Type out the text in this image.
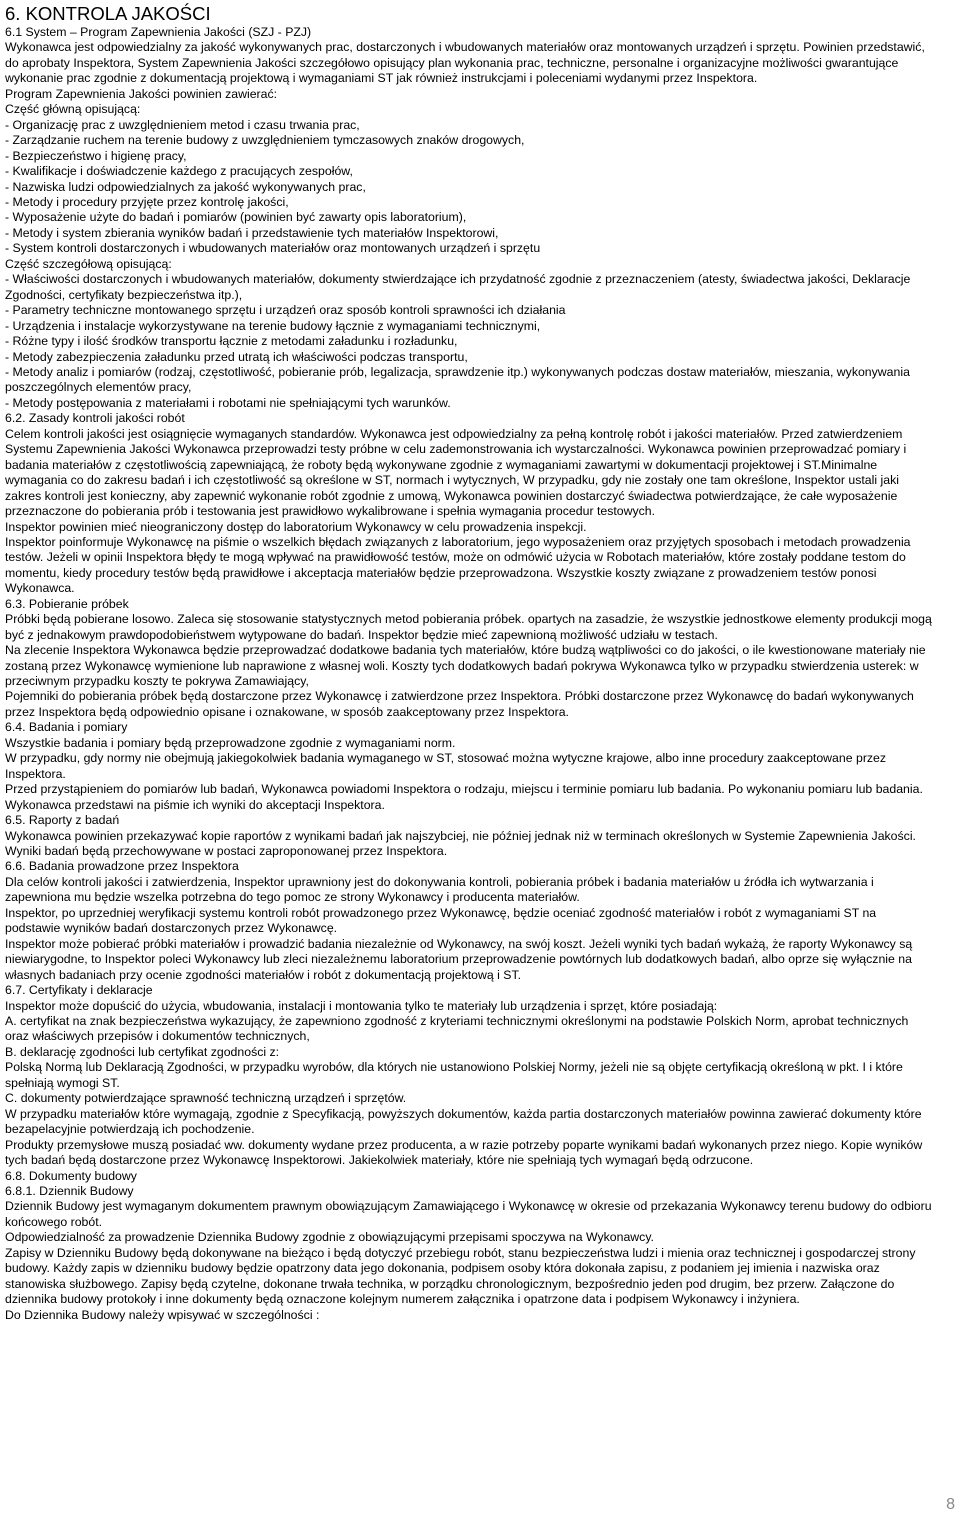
6. KONTROLA JAKOŚCI

6.1 System – Program Zapewnienia Jakości (SZJ - PZJ)

Wykonawca jest odpowiedzialny za jakość wykonywanych prac, dostarczonych i wbudowanych materiałów oraz montowanych urządzeń i sprzętu. Powinien przedstawić, do aprobaty Inspektora, System Zapewnienia Jakości szczegółowo opisujący plan wykonania prac, techniczne, personalne i organizacyjne możliwości gwarantujące wykonanie prac zgodnie z dokumentacją projektową i wymaganiami ST jak również instrukcjami i poleceniami wydanymi przez Inspektora.

Program Zapewnienia Jakości powinien zawierać:

Część główną opisującą:

- Organizację prac z uwzględnieniem metod i czasu trwania prac,

- Zarządzanie ruchem na terenie budowy z uwzględnieniem tymczasowych znaków drogowych,

- Bezpieczeństwo i higienę pracy,

- Kwalifikacje i doświadczenie każdego z pracujących zespołów,

- Nazwiska ludzi odpowiedzialnych za jakość wykonywanych prac,

- Metody i procedury przyjęte przez kontrolę jakości,

- Wyposażenie użyte do badań i pomiarów (powinien być zawarty opis laboratorium),

- Metody i system zbierania wyników badań i przedstawienie tych materiałów Inspektorowi,

- System kontroli dostarczonych i wbudowanych materiałów oraz montowanych urządzeń i sprzętu

Część szczegółową opisującą:

- Właściwości dostarczonych i wbudowanych materiałów, dokumenty stwierdzające ich przydatność zgodnie z przeznaczeniem (atesty, świadectwa jakości, Deklaracje Zgodności, certyfikaty bezpieczeństwa itp.),

- Parametry techniczne montowanego sprzętu i urządzeń oraz sposób kontroli sprawności ich działania

- Urządzenia i instalacje wykorzystywane na terenie budowy łącznie z wymaganiami technicznymi,

- Różne typy i ilość środków transportu łącznie z metodami załadunku i rozładunku,

- Metody zabezpieczenia załadunku przed utratą ich właściwości podczas transportu,

- Metody analiz i pomiarów (rodzaj, częstotliwość, pobieranie prób, legalizacja, sprawdzenie itp.) wykonywanych podczas dostaw materiałów, mieszania, wykonywania poszczególnych elementów pracy,

- Metody postępowania z materiałami i robotami nie spełniającymi tych warunków.

6.2. Zasady kontroli jakości robót

Celem kontroli jakości jest osiągnięcie wymaganych standardów. Wykonawca jest odpowiedzialny za pełną kontrolę robót i jakości materiałów. Przed zatwierdzeniem Systemu Zapewnienia Jakości Wykonawca przeprowadzi testy próbne w celu zademonstrowania ich wystarczalności. Wykonawca powinien przeprowadzać pomiary i badania materiałów z częstotliwością zapewniającą, że roboty będą wykonywane zgodnie z wymaganiami zawartymi w dokumentacji projektowej i ST.Minimalne wymagania co do zakresu badań i ich częstotliwość są określone w ST, normach i wytycznych, W przypadku, gdy nie zostały one tam określone, Inspektor ustali jaki zakres kontroli jest konieczny, aby zapewnić wykonanie robót zgodnie z umową, Wykonawca powinien dostarczyć świadectwa potwierdzające, że całe wyposażenie przeznaczone do pobierania prób i testowania jest prawidłowo wykalibrowane i spełnia wymagania procedur testowych.

Inspektor powinien mieć nieograniczony dostęp do laboratorium Wykonawcy w celu prowadzenia inspekcji.

Inspektor poinformuje Wykonawcę na piśmie o wszelkich błędach związanych z laboratorium, jego wyposażeniem oraz przyjętych sposobach i metodach prowadzenia testów. Jeżeli w opinii Inspektora błędy te mogą wpływać na prawidłowość testów, może on odmówić użycia w Robotach materiałów, które zostały poddane testom do momentu, kiedy procedury testów będą prawidłowe i akceptacja materiałów będzie przeprowadzona. Wszystkie koszty związane z prowadzeniem testów ponosi Wykonawca.

6.3. Pobieranie próbek

Próbki będą pobierane losowo. Zaleca się stosowanie statystycznych metod pobierania próbek. opartych na zasadzie, że wszystkie jednostkowe elementy produkcji mogą być z jednakowym prawdopodobieństwem wytypowane do badań. Inspektor będzie mieć zapewnioną możliwość udziału w testach.

Na zlecenie Inspektora Wykonawca będzie przeprowadzać dodatkowe badania tych materiałów, które budzą wątpliwości co do jakości, o ile kwestionowane materiały nie zostaną przez Wykonawcę wymienione lub naprawione z własnej woli. Koszty tych dodatkowych badań pokrywa Wykonawca tylko w przypadku stwierdzenia usterek: w przeciwnym przypadku koszty te pokrywa Zamawiający,

Pojemniki do pobierania próbek będą dostarczone przez Wykonawcę i zatwierdzone przez Inspektora. Próbki dostarczone przez Wykonawcę do badań wykonywanych przez Inspektora będą odpowiednio opisane i oznakowane, w sposób zaakceptowany przez Inspektora.

6.4. Badania i pomiary

Wszystkie badania i pomiary będą przeprowadzone zgodnie z wymaganiami norm.

W przypadku, gdy normy nie obejmują jakiegokolwiek badania wymaganego w ST, stosować można wytyczne krajowe, albo inne procedury zaakceptowane przez Inspektora.

Przed przystąpieniem do pomiarów lub badań, Wykonawca powiadomi Inspektora o rodzaju, miejscu i terminie pomiaru lub badania. Po wykonaniu pomiaru lub badania. Wykonawca przedstawi na piśmie ich wyniki do akceptacji Inspektora.

6.5. Raporty z badań

Wykonawca powinien przekazywać kopie raportów z wynikami badań jak najszybciej, nie później jednak niż w terminach określonych w Systemie Zapewnienia Jakości.

Wyniki badań będą przechowywane w postaci zaproponowanej przez Inspektora.

6.6. Badania prowadzone przez Inspektora

Dla celów kontroli jakości i zatwierdzenia, Inspektor uprawniony jest do dokonywania kontroli, pobierania próbek i badania materiałów u źródła ich wytwarzania i zapewniona mu będzie wszelka potrzebna do tego pomoc ze strony Wykonawcy i producenta materiałów.

Inspektor, po uprzedniej weryfikacji systemu kontroli robót prowadzonego przez Wykonawcę, będzie oceniać zgodność materiałów i robót z wymaganiami ST na podstawie wyników badań dostarczonych przez Wykonawcę.

Inspektor może pobierać próbki materiałów i prowadzić badania niezależnie od Wykonawcy, na swój koszt. Jeżeli wyniki tych badań wykażą, że raporty Wykonawcy są niewiarygodne, to Inspektor poleci Wykonawcy lub zleci niezależnemu laboratorium przeprowadzenie powtórnych lub dodatkowych badań, albo oprze się wyłącznie na własnych badaniach przy ocenie zgodności materiałów i robót z dokumentacją projektową i ST.

6.7. Certyfikaty i deklaracje

Inspektor może dopuścić do użycia, wbudowania, instalacji i montowania tylko te materiały lub urządzenia i sprzęt, które posiadają:

A. certyfikat na znak bezpieczeństwa wykazujący, że zapewniono zgodność z kryteriami technicznymi określonymi na podstawie Polskich Norm, aprobat technicznych oraz właściwych przepisów i dokumentów technicznych,

B. deklarację zgodności lub certyfikat zgodności z:

Polską Normą lub Deklaracją Zgodności, w przypadku wyrobów, dla których nie ustanowiono Polskiej Normy, jeżeli nie są objęte certyfikacją określoną w pkt. I i które spełniają wymogi ST.

C. dokumenty potwierdzające sprawność techniczną urządzeń i sprzętów.

W przypadku materiałów które wymagają, zgodnie z Specyfikacją, powyższych dokumentów, każda partia dostarczonych materiałów powinna zawierać dokumenty które bezapelacyjnie potwierdzają ich pochodzenie.

Produkty przemysłowe muszą posiadać ww. dokumenty wydane przez producenta, a w razie potrzeby poparte wynikami badań wykonanych przez niego. Kopie wyników tych badań będą dostarczone przez Wykonawcę Inspektorowi. Jakiekolwiek materiały, które nie spełniają tych wymagań będą odrzucone.

6.8. Dokumenty budowy

6.8.1. Dziennik Budowy

Dziennik Budowy jest wymaganym dokumentem prawnym obowiązującym Zamawiającego i Wykonawcę w okresie od przekazania Wykonawcy terenu budowy do odbioru końcowego robót.

Odpowiedzialność za prowadzenie Dziennika Budowy zgodnie z obowiązującymi przepisami spoczywa na Wykonawcy.

Zapisy w Dzienniku Budowy będą dokonywane na bieżąco i będą dotyczyć przebiegu robót, stanu bezpieczeństwa ludzi i mienia oraz technicznej i gospodarczej strony budowy. Każdy zapis w dzienniku budowy będzie opatrzony data jego dokonania, podpisem osoby która dokonała zapisu, z podaniem jej imienia i nazwiska oraz stanowiska służbowego. Zapisy będą czytelne, dokonane trwała technika, w porządku chronologicznym, bezpośrednio jeden pod drugim, bez przerw. Załączone do dziennika budowy protokoły i inne dokumenty będą oznaczone kolejnym numerem załącznika i opatrzone data i podpisem Wykonawcy i inżyniera.

Do Dziennika Budowy należy wpisywać w szczególności :

8
